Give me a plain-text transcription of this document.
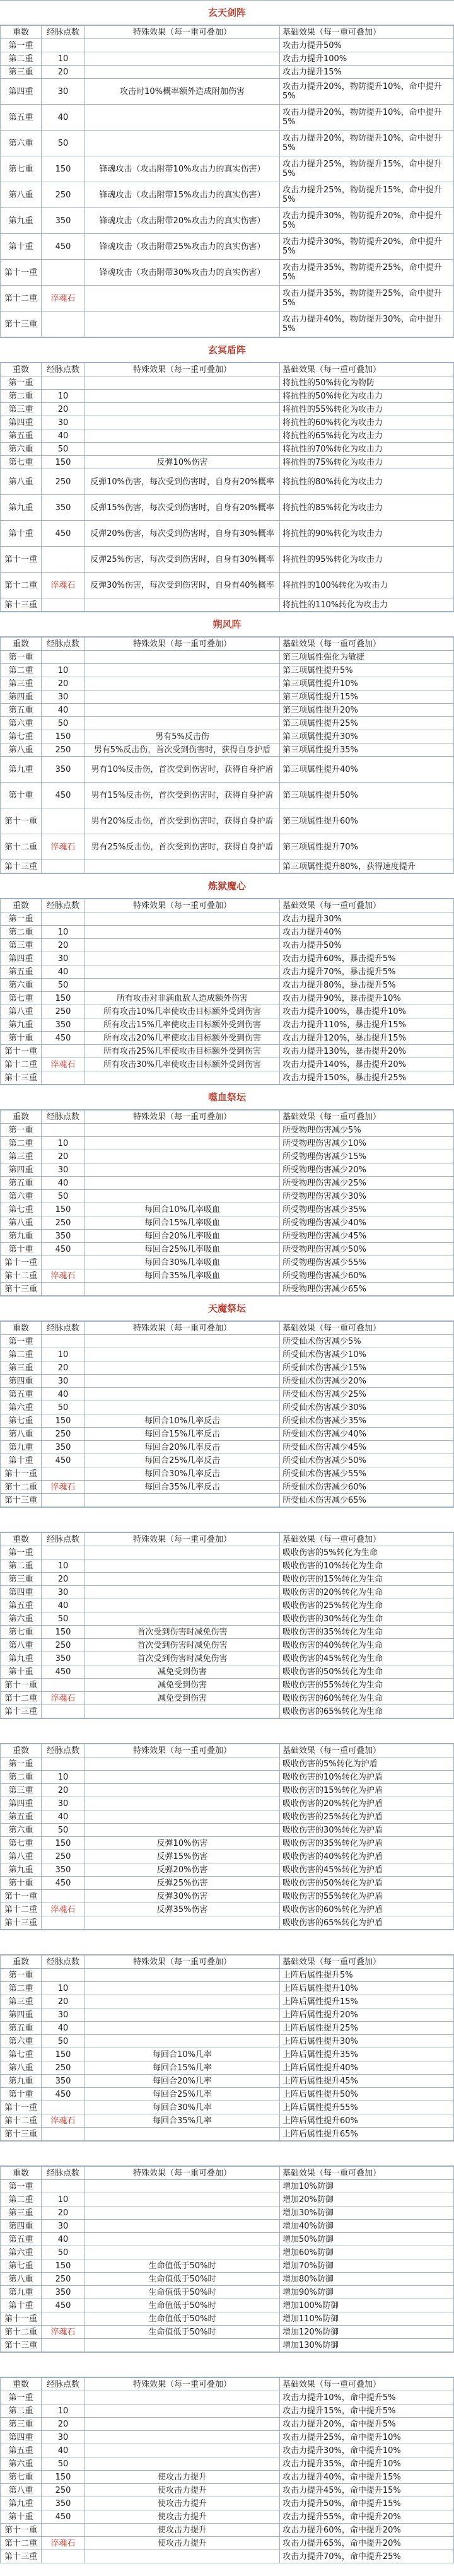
玄天剑阵
重数	经脉点数	特殊效果（每一重可叠加）	基础效果（每一重可叠加）
第一重			攻击力提升50%
第二重	10		攻击力提升100%
第三重	20		攻击力提升15%
第四重	30	攻击时10%概率额外造成附加伤害	攻击力提升20%，物防提升10%，命中提升5%
第五重	40		攻击力提升20%，物防提升10%，命中提升5%
第六重	50		攻击力提升20%，物防提升10%，命中提升5%
第七重	150	锋魂攻击（攻击附带10%攻击力的真实伤害）	攻击力提升25%，物防提升15%，命中提升5%
第八重	250	锋魂攻击（攻击附带15%攻击力的真实伤害）	攻击力提升25%，物防提升15%，命中提升5%
第九重	350	锋魂攻击（攻击附带20%攻击力的真实伤害）	攻击力提升30%，物防提升20%，命中提升5%
第十重	450	锋魂攻击（攻击附带25%攻击力的真实伤害）	攻击力提升30%，物防提升20%，命中提升5%
第十一重		锋魂攻击（攻击附带30%攻击力的真实伤害）	攻击力提升35%，物防提升25%，命中提升5%
第十二重	淬魂石		攻击力提升35%，物防提升25%，命中提升5%
第十三重			攻击力提升40%，物防提升30%，命中提升5%
玄冥盾阵
重数	经脉点数	特殊效果（每一重可叠加）	基础效果（每一重可叠加）
第一重			将抗性的50%转化为物防
第二重	10		将抗性的50%转化为攻击力
第三重	20		将抗性的55%转化为攻击力
第四重	30		将抗性的60%转化为攻击力
第五重	40		将抗性的65%转化为攻击力
第六重	50		将抗性的70%转化为攻击力
第七重	150	反弹10%伤害	将抗性的75%转化为攻击力
第八重	250	反弹10%伤害，每次受到伤害时，自身有20%概率	将抗性的80%转化为攻击力
第九重	350	反弹15%伤害，每次受到伤害时，自身有20%概率	将抗性的85%转化为攻击力
第十重	450	反弹20%伤害，每次受到伤害时，自身有30%概率	将抗性的90%转化为攻击力
第十一重		反弹25%伤害，每次受到伤害时，自身有30%概率	将抗性的95%转化为攻击力
第十二重	淬魂石	反弹30%伤害，每次受到伤害时，自身有40%概率	将抗性的100%转化为攻击力
第十三重			将抗性的110%转化为攻击力
朔风阵
重数	经脉点数	特殊效果（每一重可叠加）	基础效果（每一重可叠加）
第一重			第三项属性强化为敏捷
第二重	10		第三项属性提升5%
第三重	20		第三项属性提升10%
第四重	30		第三项属性提升15%
第五重	40		第三项属性提升20%
第六重	50		第三项属性提升25%
第七重	150	男有5%反击伤	第三项属性提升30%
第八重	250	男有5%反击伤，首次受到伤害时，获得自身护盾	第三项属性提升35%
第九重	350	男有10%反击伤，首次受到伤害时，获得自身护盾	第三项属性提升40%
第十重	450	男有15%反击伤，首次受到伤害时，获得自身护盾	第三项属性提升50%
第十一重		男有20%反击伤，首次受到伤害时，获得自身护盾	第三项属性提升60%
第十二重	淬魂石	男有25%反击伤，首次受到伤害时，获得自身护盾	第三项属性提升70%
第十三重			第三项属性提升80%，获得速度提升
炼狱魔心
重数	经脉点数	特殊效果（每一重可叠加）	基础效果（每一重可叠加）
第一重			攻击力提升30%
第二重	10		攻击力提升40%
第三重	20		攻击力提升50%
第四重	30		攻击力提升60%，暴击提升5%
第五重	40		攻击力提升70%，暴击提升5%
第六重	50		攻击力提升80%，暴击提升5%
第七重	150	所有攻击对非满血敌人造成额外伤害	攻击力提升90%，暴击提升10%
第八重	250	所有攻击10%几率使攻击目标额外受到伤害	攻击力提升100%，暴击提升10%
第九重	350	所有攻击15%几率使攻击目标额外受到伤害	攻击力提升110%，暴击提升15%
第十重	450	所有攻击20%几率使攻击目标额外受到伤害	攻击力提升120%，暴击提升15%
第十一重		所有攻击25%几率使攻击目标额外受到伤害	攻击力提升130%，暴击提升20%
第十二重	淬魂石	所有攻击30%几率使攻击目标额外受到伤害	攻击力提升140%，暴击提升20%
第十三重			攻击力提升150%，暴击提升25%
噬血祭坛
重数	经脉点数	特殊效果（每一重可叠加）	基础效果（每一重可叠加）
第一重			所受物理伤害减少5%
第二重	10		所受物理伤害减少10%
第三重	20		所受物理伤害减少15%
第四重	30		所受物理伤害减少20%
第五重	40		所受物理伤害减少25%
第六重	50		所受物理伤害减少30%
第七重	150	每回合10%几率吸血	所受物理伤害减少35%
第八重	250	每回合15%几率吸血	所受物理伤害减少40%
第九重	350	每回合20%几率吸血	所受物理伤害减少45%
第十重	450	每回合25%几率吸血	所受物理伤害减少50%
第十一重		每回合30%几率吸血	所受物理伤害减少55%
第十二重	淬魂石	每回合35%几率吸血	所受物理伤害减少60%
第十三重			所受物理伤害减少65%
天魔祭坛
重数	经脉点数	特殊效果（每一重可叠加）	基础效果（每一重可叠加）
第一重			所受仙术伤害减少5%
第二重	10		所受仙术伤害减少10%
第三重	20		所受仙术伤害减少15%
第四重	30		所受仙术伤害减少20%
第五重	40		所受仙术伤害减少25%
第六重	50		所受仙术伤害减少30%
第七重	150	每回合10%几率反击	所受仙术伤害减少35%
第八重	250	每回合15%几率反击	所受仙术伤害减少40%
第九重	350	每回合20%几率反击	所受仙术伤害减少45%
第十重	450	每回合25%几率反击	所受仙术伤害减少50%
第十一重		每回合30%几率反击	所受仙术伤害减少55%
第十二重	淬魂石	每回合35%几率反击	所受仙术伤害减少60%
第十三重			所受仙术伤害减少65%
重数	经脉点数	特殊效果（每一重可叠加）	基础效果（每一重可叠加）
第一重			吸收伤害的5%转化为生命
第二重	10		吸收伤害的10%转化为生命
第三重	20		吸收伤害的15%转化为生命
第四重	30		吸收伤害的20%转化为生命
第五重	40		吸收伤害的25%转化为生命
第六重	50		吸收伤害的30%转化为生命
第七重	150	首次受到伤害时减免伤害	吸收伤害的35%转化为生命
第八重	250	首次受到伤害时减免伤害	吸收伤害的40%转化为生命
第九重	350	首次受到伤害时减免伤害	吸收伤害的45%转化为生命
第十重	450	减免受到伤害	吸收伤害的50%转化为生命
第十一重		减免受到伤害	吸收伤害的55%转化为生命
第十二重	淬魂石	减免受到伤害	吸收伤害的60%转化为生命
第十三重			吸收伤害的65%转化为生命
重数	经脉点数	特殊效果（每一重可叠加）	基础效果（每一重可叠加）
第一重			吸收伤害的5%转化为护盾
第二重	10		吸收伤害的10%转化为护盾
第三重	20		吸收伤害的15%转化为护盾
第四重	30		吸收伤害的20%转化为护盾
第五重	40		吸收伤害的25%转化为护盾
第六重	50		吸收伤害的30%转化为护盾
第七重	150	反弹10%伤害	吸收伤害的35%转化为护盾
第八重	250	反弹15%伤害	吸收伤害的40%转化为护盾
第九重	350	反弹20%伤害	吸收伤害的45%转化为护盾
第十重	450	反弹25%伤害	吸收伤害的50%转化为护盾
第十一重		反弹30%伤害	吸收伤害的55%转化为护盾
第十二重	淬魂石	反弹35%伤害	吸收伤害的60%转化为护盾
第十三重			吸收伤害的65%转化为护盾
重数	经脉点数	特殊效果（每一重可叠加）	基础效果（每一重可叠加）
第一重			上阵后属性提升5%
第二重	10		上阵后属性提升10%
第三重	20		上阵后属性提升15%
第四重	30		上阵后属性提升20%
第五重	40		上阵后属性提升25%
第六重	50		上阵后属性提升30%
第七重	150	每回合10%几率	上阵后属性提升35%
第八重	250	每回合15%几率	上阵后属性提升40%
第九重	350	每回合20%几率	上阵后属性提升45%
第十重	450	每回合25%几率	上阵后属性提升50%
第十一重		每回合30%几率	上阵后属性提升55%
第十二重	淬魂石	每回合35%几率	上阵后属性提升60%
第十三重			上阵后属性提升65%
重数	经脉点数	特殊效果（每一重可叠加）	基础效果（每一重可叠加）
第一重			增加10%防御
第二重	10		增加20%防御
第三重	20		增加30%防御
第四重	30		增加40%防御
第五重	40		增加50%防御
第六重	50		增加60%防御
第七重	150	生命值低于50%时	增加70%防御
第八重	250	生命值低于50%时	增加80%防御
第九重	350	生命值低于50%时	增加90%防御
第十重	450	生命值低于50%时	增加100%防御
第十一重		生命值低于50%时	增加110%防御
第十二重	淬魂石	生命值低于50%时	增加120%防御
第十三重			增加130%防御
重数	经脉点数	特殊效果（每一重可叠加）	基础效果（每一重可叠加）
第一重			攻击力提升10%，命中提升5%
第二重	10		攻击力提升15%，命中提升5%
第三重	20		攻击力提升20%，命中提升5%
第四重	30		攻击力提升25%，命中提升10%
第五重	40		攻击力提升30%，命中提升10%
第六重	50		攻击力提升35%，命中提升10%
第七重	150	使攻击力提升	攻击力提升40%，命中提升15%
第八重	250	使攻击力提升	攻击力提升45%，命中提升15%
第九重	350	使攻击力提升	攻击力提升50%，命中提升15%
第十重	450	使攻击力提升	攻击力提升55%，命中提升20%
第十一重		使攻击力提升	攻击力提升60%，命中提升20%
第十二重	淬魂石	使攻击力提升	攻击力提升65%，命中提升20%
第十三重			攻击力提升70%，命中提升25%
